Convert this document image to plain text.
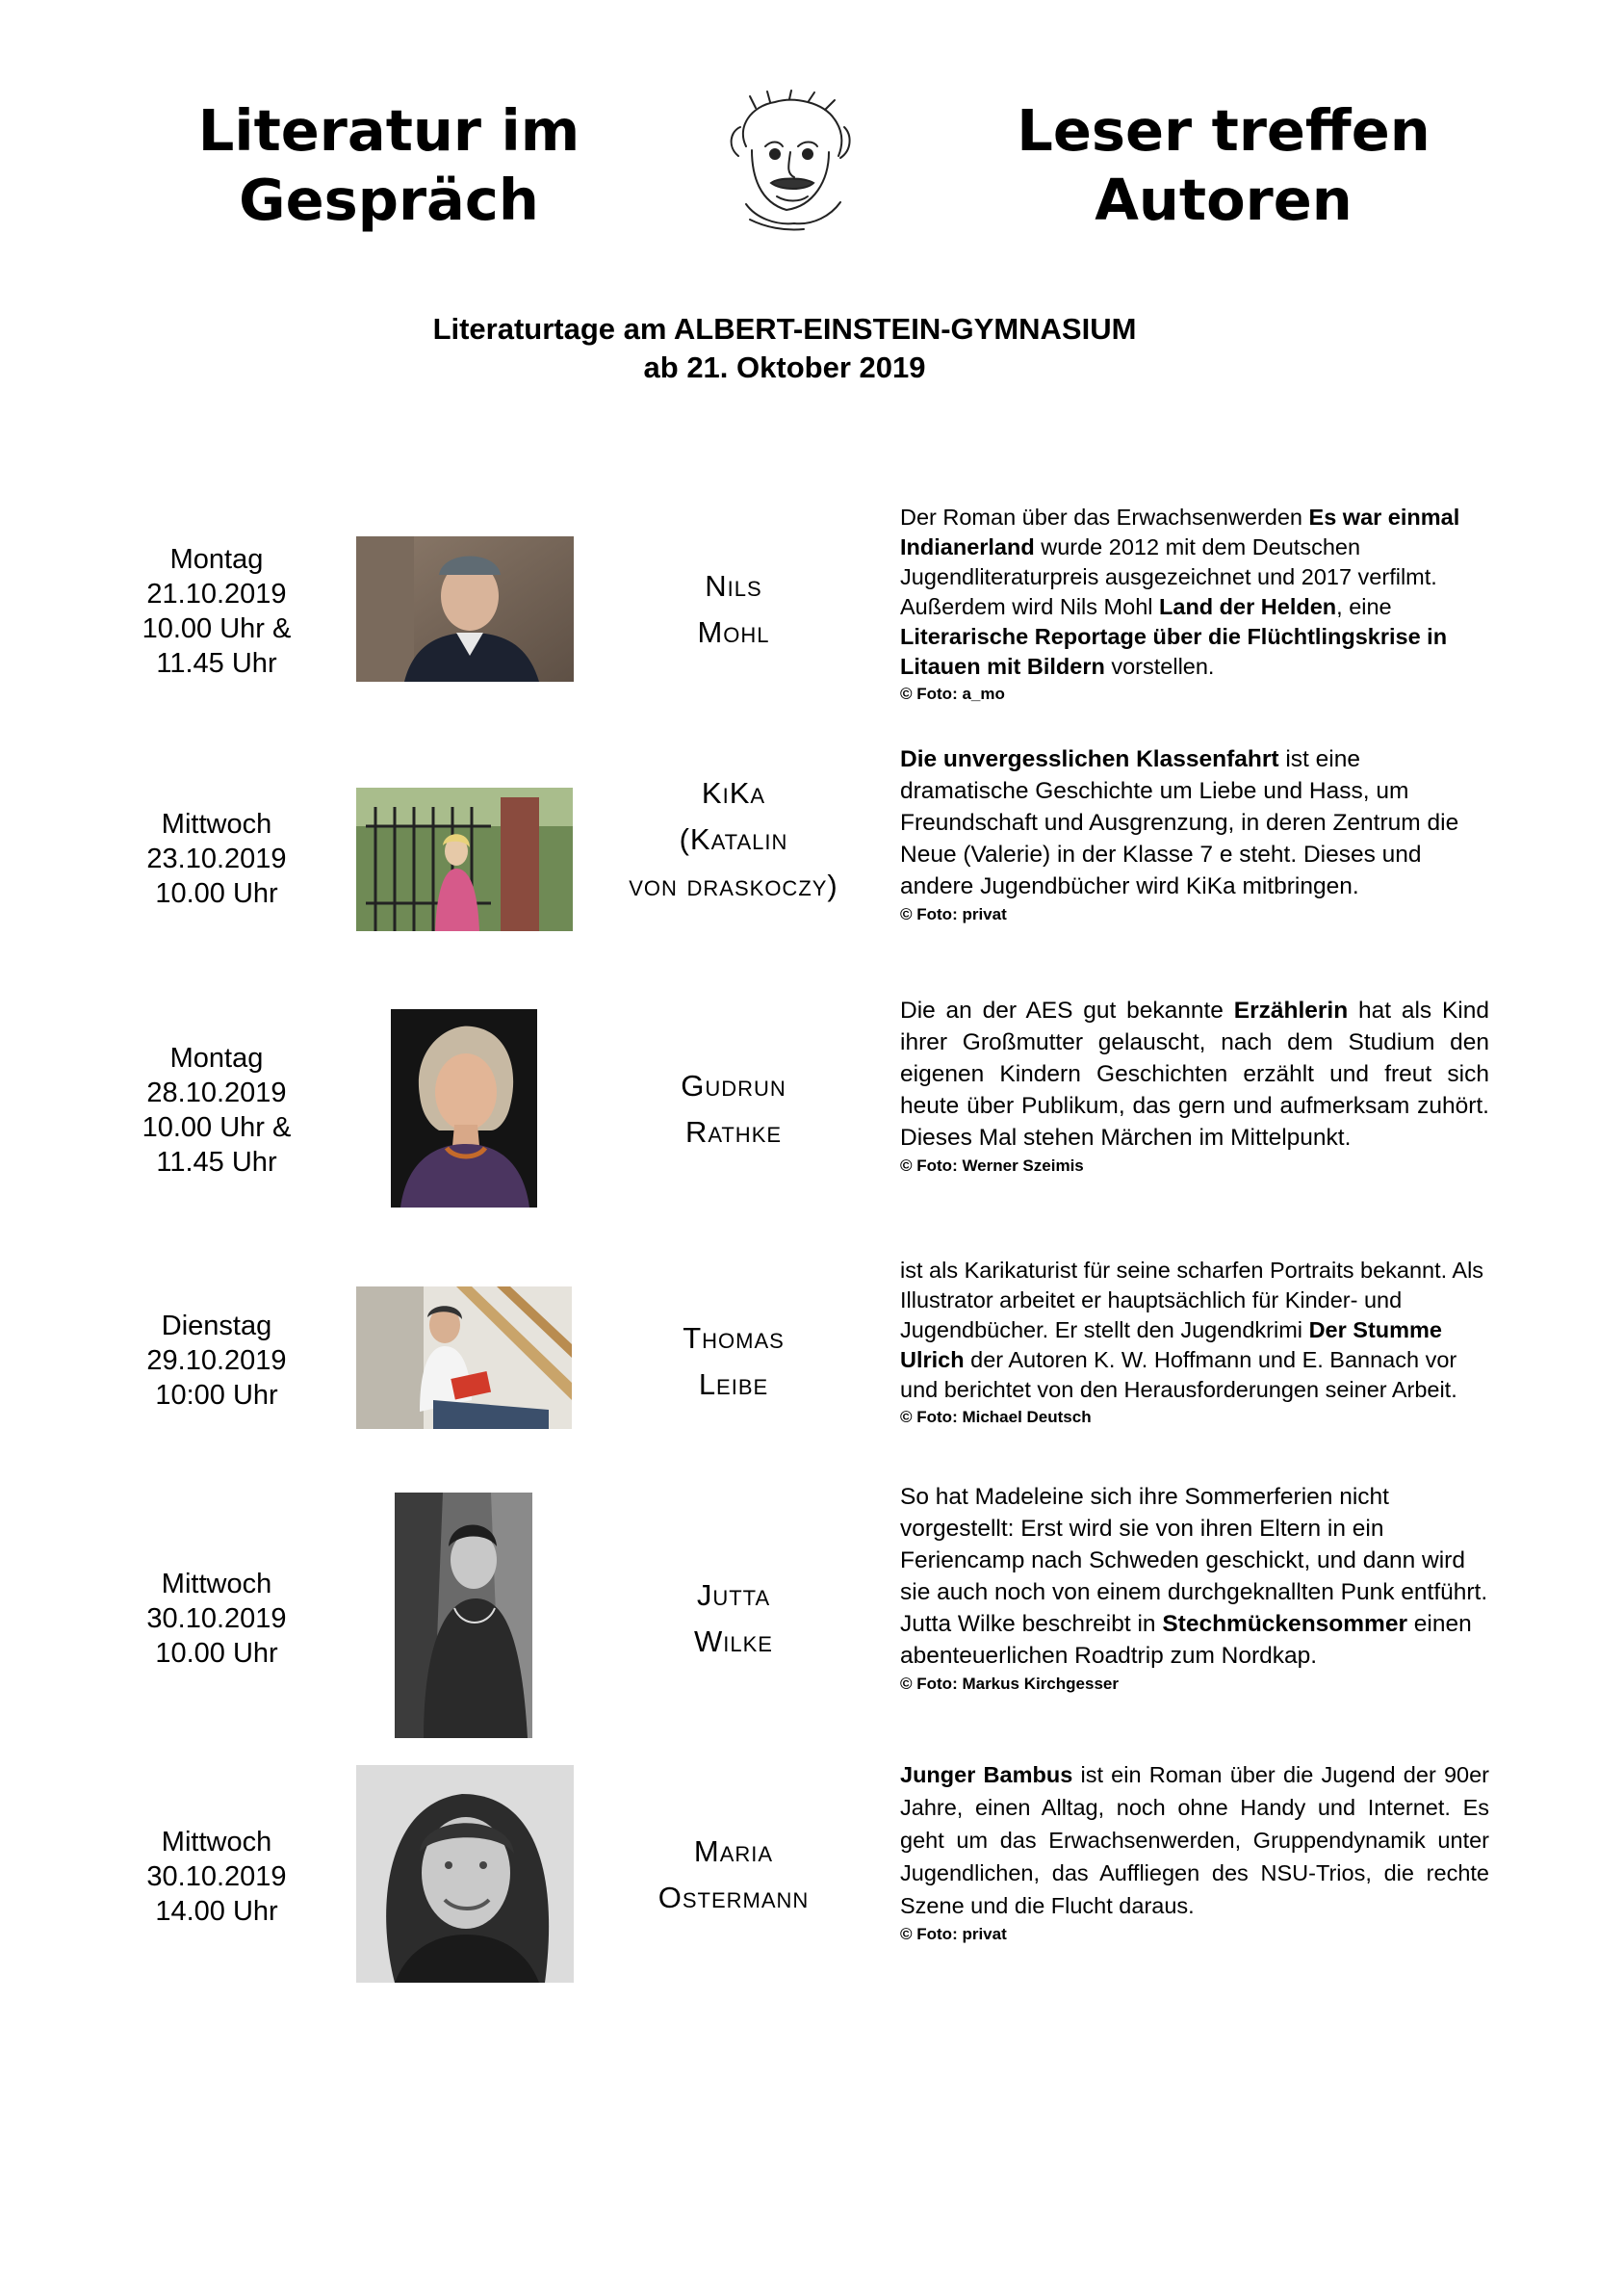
Literatur im
Gespräch
Leser treffen
Autoren
Literaturtage am ALBERT-EINSTEIN-GYMNASIUM
ab 21. Oktober 2019
Montag
21.10.2019
10.00 Uhr &
11.45 Uhr
Nils
Mohl

Der Roman über das Erwachsenwerden Es war einmal Indianerland wurde 2012 mit dem Deutschen Jugendliteraturpreis ausgezeichnet und 2017 verfilmt. Außerdem wird Nils Mohl Land der Helden, eine Literarische Reportage über die Flüchtlingskrise in Litauen mit Bildern vorstellen.

© Foto: a_mo
Mittwoch
23.10.2019
10.00 Uhr
KiKa
(Katalin
von draskoczy)

Die unvergesslichen Klassenfahrt ist eine dramatische Geschichte um Liebe und Hass, um Freundschaft und Ausgrenzung, in deren Zentrum die Neue (Valerie) in der Klasse 7 e steht. Dieses und andere Jugendbücher wird KiKa mitbringen.

© Foto: privat
Montag
28.10.2019
10.00 Uhr &
11.45 Uhr
Gudrun
Rathke

Die an der AES gut bekannte Erzählerin hat als Kind ihrer Großmutter gelauscht, nach dem Studium den eigenen Kindern Geschichten erzählt und freut sich heute über Publikum, das gern und aufmerksam zuhört. Dieses Mal stehen Märchen im Mittelpunkt.

© Foto: Werner Szeimis
Dienstag
29.10.2019
10:00 Uhr
Thomas
Leibe

ist als Karikaturist für seine scharfen Portraits bekannt. Als Illustrator arbeitet er hauptsächlich für Kinder- und Jugendbücher. Er stellt den Jugendkrimi Der Stumme Ulrich der Autoren K. W. Hoffmann und E. Bannach vor und berichtet von den Herausforderungen seiner Arbeit.

© Foto: Michael Deutsch
Mittwoch
30.10.2019
10.00 Uhr
Jutta
Wilke

So hat Madeleine sich ihre Sommerferien nicht vorgestellt: Erst wird sie von ihren Eltern in ein Feriencamp nach Schweden geschickt, und dann wird sie auch noch von einem durchgeknallten Punk entführt. Jutta Wilke beschreibt in Stechmückensommer einen abenteuerlichen Roadtrip zum Nordkap.

© Foto: Markus Kirchgesser
Mittwoch
30.10.2019
14.00 Uhr
Maria
Ostermann

Junger Bambus ist ein Roman über die Jugend der 90er Jahre, einen Alltag, noch ohne Handy und Internet. Es geht um das Erwachsenwerden, Gruppendynamik unter Jugendlichen, das Auffliegen des NSU-Trios, die rechte Szene und die Flucht daraus.

© Foto: privat
